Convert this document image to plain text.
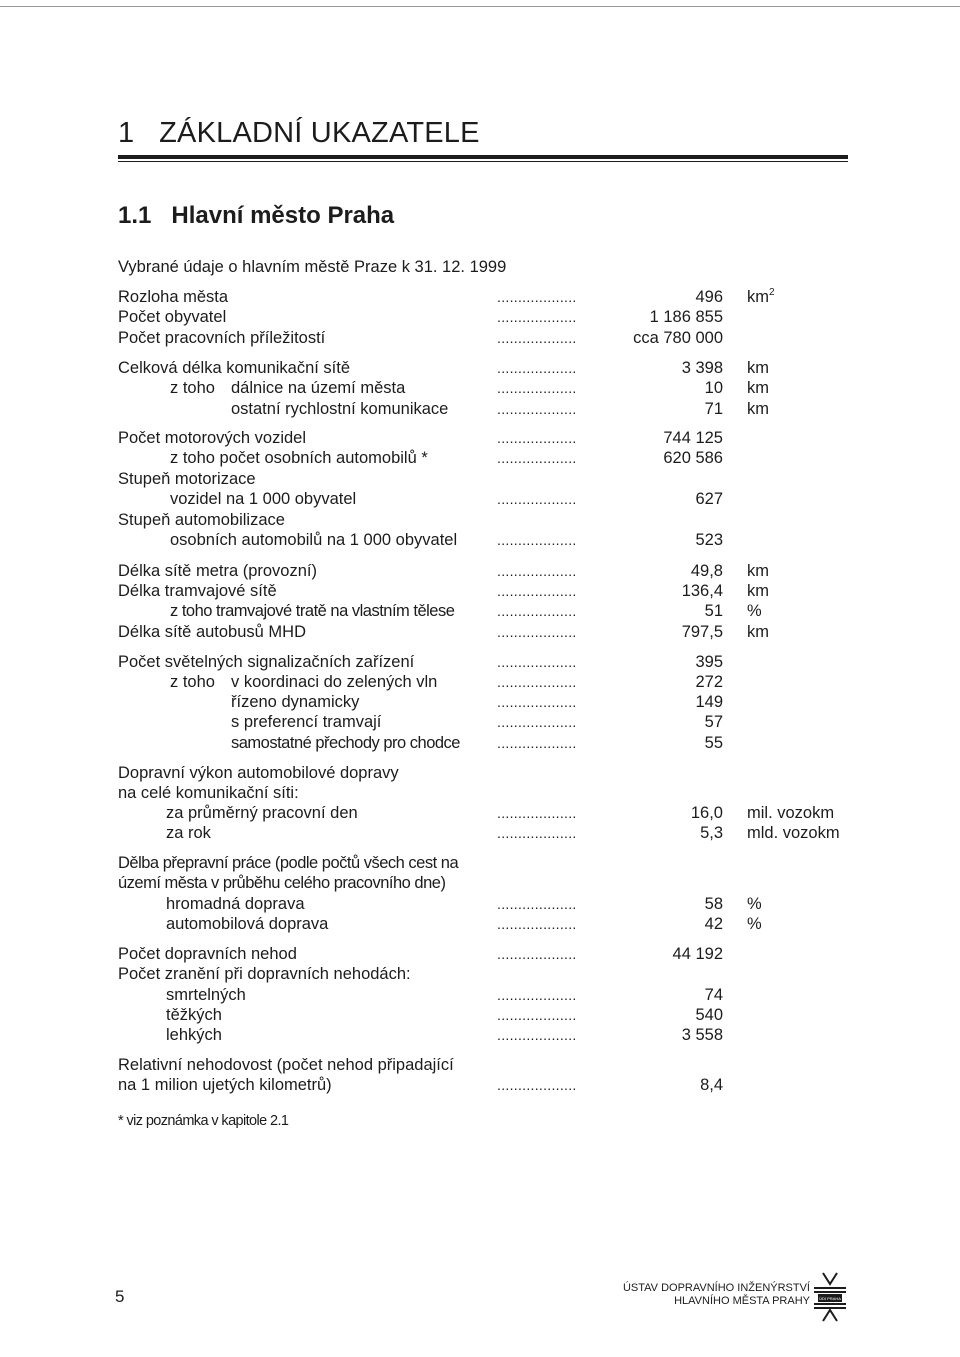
1 ZÁKLADNÍ UKAZATELE
1.1 Hlavní město Praha
Vybrané údaje o hlavním městě Praze k 31. 12. 1999
Rozloha města	...................	496 $km^2$
Počet obyvatel	...................	1 186 855
Počet pracovních příležitostí	...................	cca 780 000
Celková délka komunikační sítě	...................	3 398 km
z toho dálnice na území města	...................	10 km
ostatní rychlostní komunikace	...................	71 km
Počet motorových vozidel	...................	744 125
z toho počet osobních automobilů *	...................	620 586
Stupeň motorizace
vozidel na 1 000 obyvatel	...................	627
Stupeň automobilizace
osobních automobilů na 1 000 obyvatel	...................	523
Délka sítě metra (provozní)	...................	49,8 km
Délka tramvajové sítě	...................	136,4 km
z toho tramvajové tratě na vlastním tělese	...................	51 %
Délka sítě autobusů MHD	...................	797,5 km
Počet světelných signalizačních zařízení	...................	395
z toho v koordinaci do zelených vln	...................	272
řízeno dynamicky	...................	149
s preferencí tramvají	...................	57
samostatné přechody pro chodce	...................	55
Dopravní výkon automobilové dopravy
na celé komunikační síti:
za průměrný pracovní den	...................	16,0 mil. vozokm
za rok	...................	5,3 mld. vozokm
Dělba přepravní práce (podle počtů všech cest na
území města v průběhu celého pracovního dne)
hromadná doprava	...................	58 %
automobilová doprava	...................	42 %
Počet dopravních nehod	...................	44 192
Počet zranění při dopravních nehodách:
smrtelných	...................	74
těžkých	...................	540
lehkých	...................	3 558
Relativní nehodovost (počet nehod připadající
na 1 milion ujetých kilometrů)	...................	8,4
* viz poznámka v kapitole 2.1
5	ÚSTAV DOPRAVNÍHO INŽENÝRSTVÍ
HLAVNÍHO MĚSTA PRAHY ÚDI PRAHA
